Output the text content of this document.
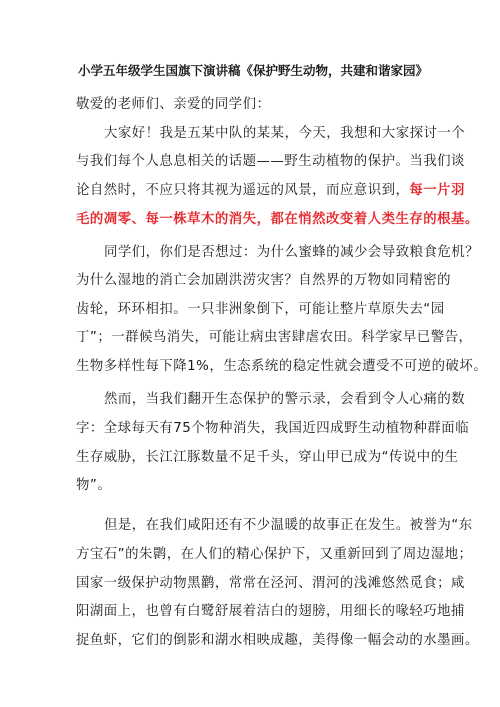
小学五年级学生国旗下演讲稿《保护野生动物，共建和谐家园》
敬爱的老师们、亲爱的同学们：
大家好！我是五某中队的某某，今天，我想和大家探讨一个
与我们每个人息息相关的话题——野生动植物的保护。当我们谈
论自然时，不应只将其视为遥远的风景，而应意识到，每一片羽
毛的凋零、每一株草木的消失，都在悄然改变着人类生存的根基。
同学们，你们是否想过：为什么蜜蜂的减少会导致粮食危机？
为什么湿地的消亡会加剧洪涝灾害？自然界的万物如同精密的
齿轮，环环相扣。一只非洲象倒下，可能让整片草原失去“园
丁”；一群候鸟消失，可能让病虫害肆虐农田。科学家早已警告，
生物多样性每下降1%，生态系统的稳定性就会遭受不可逆的破坏。
然而，当我们翻开生态保护的警示录，会看到令人心痛的数
字：全球每天有75个物种消失，我国近四成野生动植物种群面临
生存威胁，长江江豚数量不足千头，穿山甲已成为“传说中的生
物”。
但是，在我们咸阳还有不少温暖的故事正在发生。被誉为“东
方宝石”的朱鹮，在人们的精心保护下，又重新回到了周边湿地；
国家一级保护动物黑鹳，常常在泾河、渭河的浅滩悠然觅食；咸
阳湖面上，也曾有白鹭舒展着洁白的翅膀，用细长的喙轻巧地捕
捉鱼虾，它们的倒影和湖水相映成趣，美得像一幅会动的水墨画。
